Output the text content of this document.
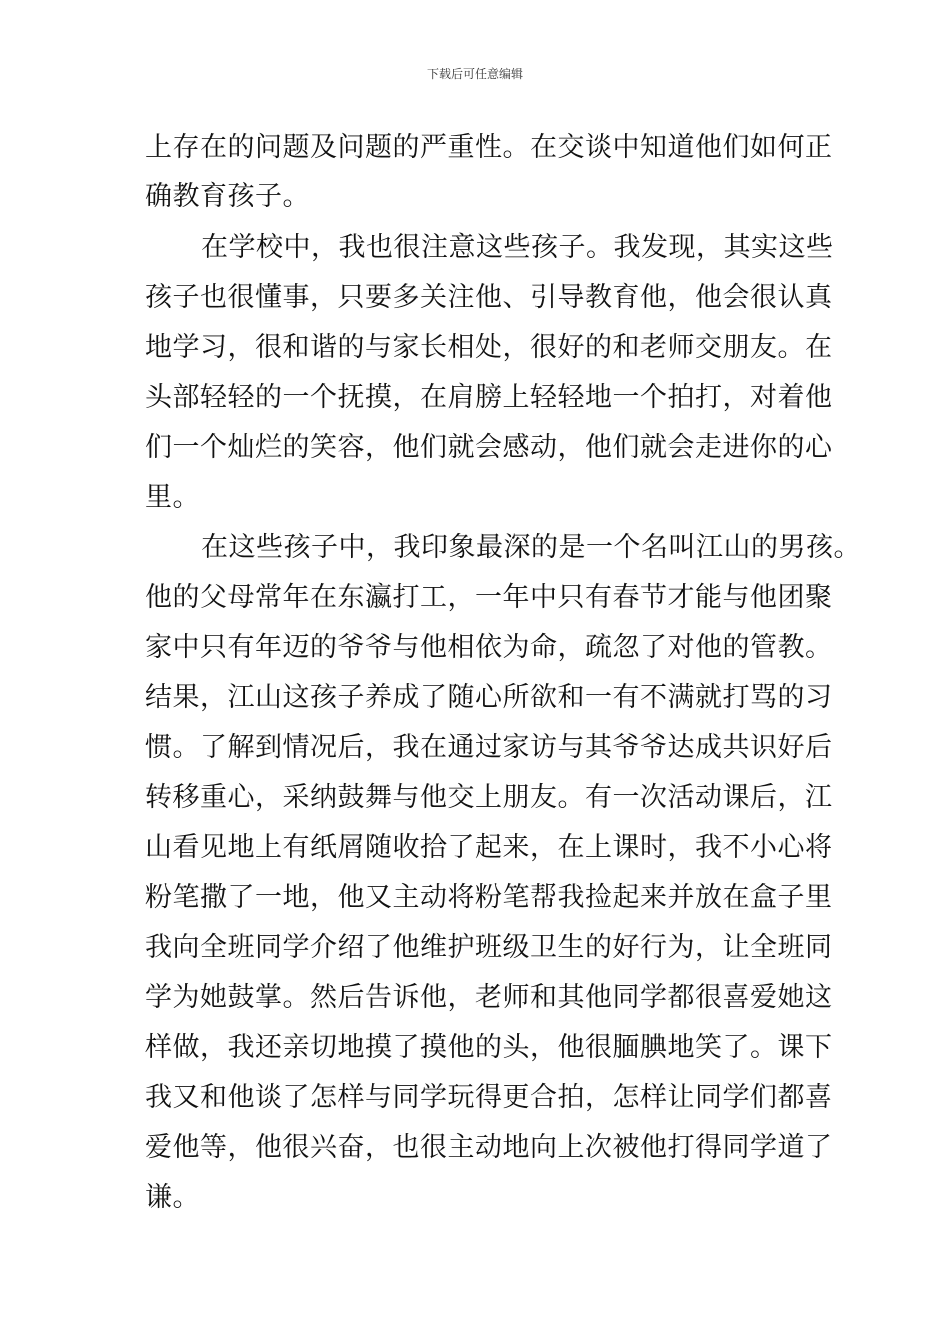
下载后可任意编辑
上存在的问题及问题的严重性。在交谈中知道他们如何正
确教育孩子。
在学校中，我也很注意这些孩子。我发现，其实这些
孩子也很懂事，只要多关注他、引导教育他，他会很认真
地学习，很和谐的与家长相处，很好的和老师交朋友。在
头部轻轻的一个抚摸，在肩膀上轻轻地一个拍打，对着他
们一个灿烂的笑容，他们就会感动，他们就会走进你的心
里。
在这些孩子中，我印象最深的是一个名叫江山的男孩。
他的父母常年在东瀛打工，一年中只有春节才能与他团聚
家中只有年迈的爷爷与他相依为命，疏忽了对他的管教。
结果，江山这孩子养成了随心所欲和一有不满就打骂的习
惯。了解到情况后，我在通过家访与其爷爷达成共识好后
转移重心，采纳鼓舞与他交上朋友。有一次活动课后，江
山看见地上有纸屑随收拾了起来，在上课时，我不小心将
粉笔撒了一地，他又主动将粉笔帮我捡起来并放在盒子里
我向全班同学介绍了他维护班级卫生的好行为，让全班同
学为她鼓掌。然后告诉他，老师和其他同学都很喜爱她这
样做，我还亲切地摸了摸他的头，他很腼腆地笑了。课下
我又和他谈了怎样与同学玩得更合拍，怎样让同学们都喜
爱他等，他很兴奋，也很主动地向上次被他打得同学道了
谦。
